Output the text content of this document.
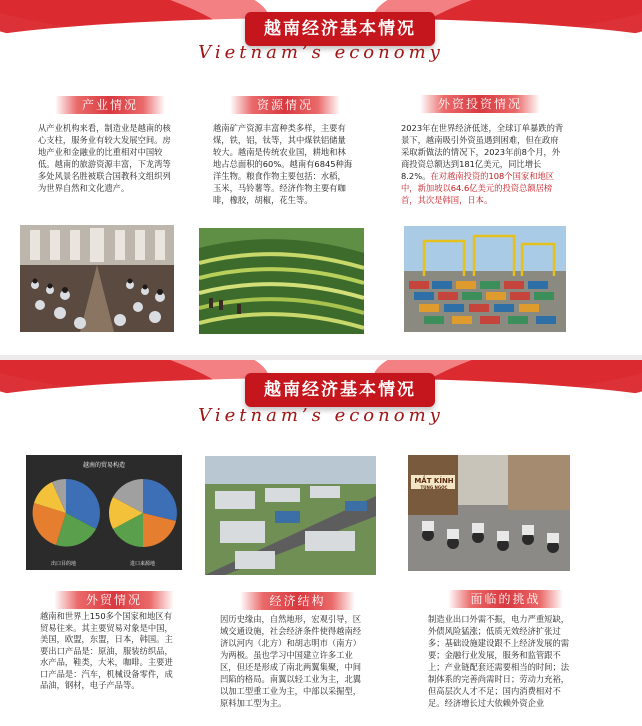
越南经济基本情况
Vietnam’s economy
产业情况

从产业机构来看，制造业是越南的核心支柱，服务业有较大发展空间。房地产业和金融业的比重相对中国较低。越南的旅游资源丰富，下龙湾等多处风景名胜被联合国教科文组织列为世界自然和文化遗产。

资源情况

越南矿产资源丰富种类多样，主要有煤，铁，铝，钛等，其中煤铁铝储量较大。越南是传统农业国，耕地和林地占总面积的60%。越南有6845种海洋生物。粮食作物主要包括：水稻，玉米，马铃薯等。经济作物主要有咖啡，橡胶，胡椒，花生等。

外资投资情况

2023年在世界经济低迷，全球订单暴跌的背景下，越南吸引外资虽遇到困难，但在政府采取新做法的情况下，2023年前8个月，外商投资总额达到181亿美元，同比增长8.2%。在对越南投资的108个国家和地区中，新加坡以64.6亿美元的投资总额居榜首，其次是韩国，日本。

越南经济基本情况
Vietnam’s economy
越南的贸易构造
出口目的地	进口来源地
MẮT KÍNH
TÙNG NGỌC
外贸情况

越南和世界上150多个国家和地区有贸易往来。其主要贸易对象是中国，美国，欧盟，东盟，日本，韩国。主要出口产品是：原油，服装纺织品，水产品，鞋类，大米，咖啡。主要进口产品是：汽车，机械设备零件，成品油，钢材，电子产品等。

经济结构

因历史缘由，自然地形，宏观引导，区域交通设施，社会经济条件使得越南经济以河内（北方）和胡志明市（南方）为两极。虽也学习中国建立许多工业区，但还是形成了南北两翼集聚，中间凹陷的格局。南翼以轻工业为主，北翼以加工型重工业为主，中部以采掘型，原料加工型为主。

面临的挑战

制造业出口外需不振，电力严重短缺，外债风险猛涨；低质无效经济扩张过多；基础设施建设跟不上经济发展的需要；金融行业发展，服务和监管跟不上；产业链配套还需要相当的时间；法制体系的完善尚需时日；劳动力充裕，但高层次人才不足；国内消费相对不足。经济增长过大依赖外资企业
